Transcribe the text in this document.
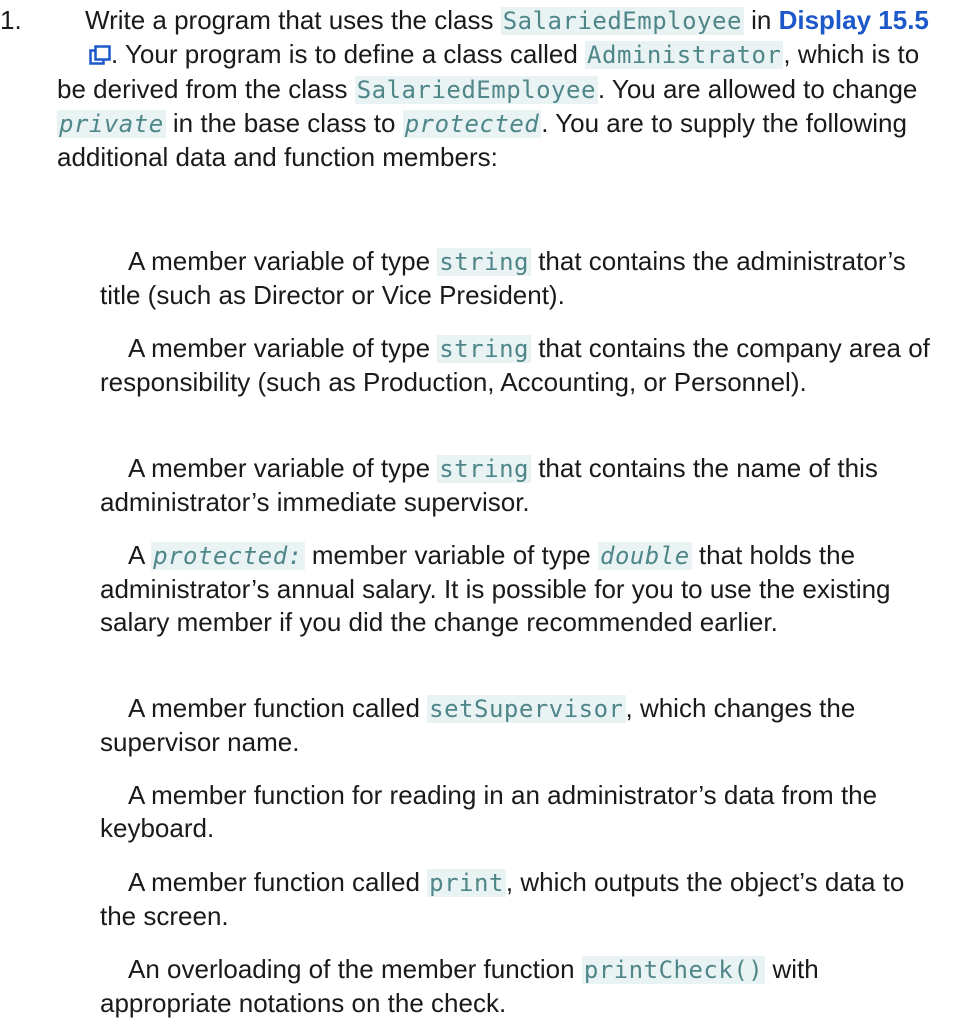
1.	Write a program that uses the class SalariedEmployee in Display 15.5. Your program is to define a class called Administrator, which is to be derived from the class SalariedEmployee. You are allowed to change private in the base class to protected. You are to supply the following additional data and function members:
A member variable of type string that contains the administrator’s title (such as Director or Vice President).
A member variable of type string that contains the company area of responsibility (such as Production, Accounting, or Personnel).
A member variable of type string that contains the name of this administrator’s immediate supervisor.
A protected: member variable of type double that holds the administrator’s annual salary. It is possible for you to use the existing salary member if you did the change recommended earlier.
A member function called setSupervisor, which changes the supervisor name.
A member function for reading in an administrator’s data from the keyboard.
A member function called print, which outputs the object’s data to the screen.
An overloading of the member function printCheck() with appropriate notations on the check.
